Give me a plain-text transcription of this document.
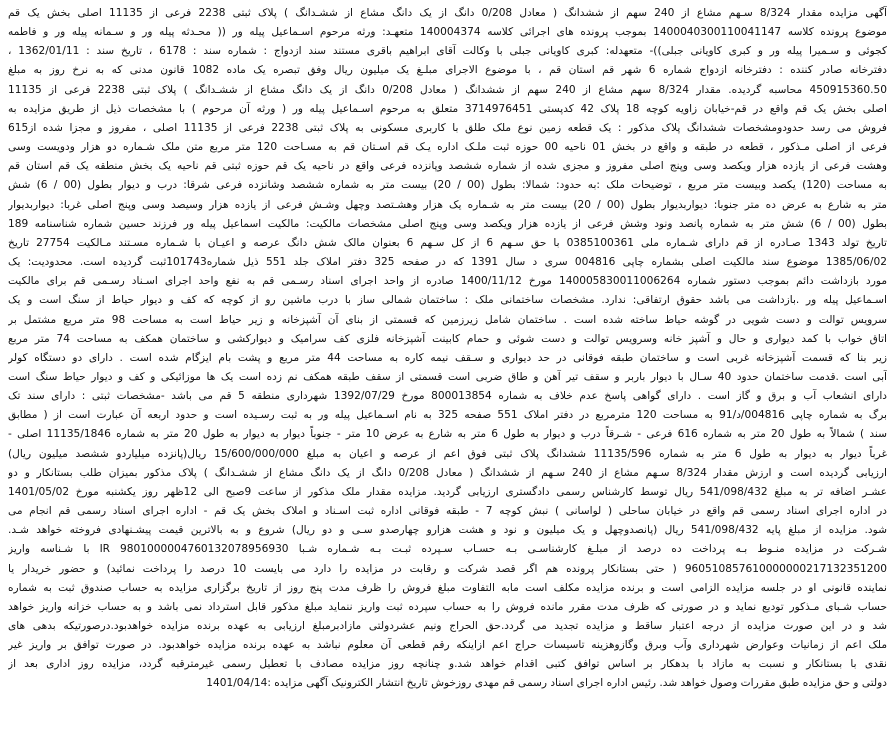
آگهی مزایده مقدار 8/324 سـهم مشاع از 240 سهم از ششدانگ ( معادل 0/208 دانگ از یک دانگ مشاع از ششـدانگ ) پلاک ثبتی 2238 فرعی از 11135 اصلی بخش یک قم
موضوع پرونده کلاسه 1400040300110041147 بموجب پرونده های اجرائی کلاسه 140004374 متعهـد: ورثه مرحوم اسـماعیل پیله ور (( محـدثه پیله ور و سـمانه پیله ور و فاطمه
کجوئی و سـمیرا پیله ور و کبری کاویانی جبلی))- متعهدله: کبری کاویانی جبلی با وکالت آقای ابراهیم باقری مستند سند ازدواج : شماره سند : 6178 ، تاریخ سند : 1362/01/11 ،
دفترخانه صادر کننده : دفترخانه ازدواج شماره 6 شهر قم استان قم ، با موضوع الاجرای مبلـغ یک میلیون ریال وفق تبصره یک ماده 1082 قانون مدنی که به نرخ روز به مبلغ
450915360.50 محاسبه گردیده. مقدار 8/324 سهم مشاع از 240 سهم از ششدانگ ( معادل 0/208 دانگ از یک دانگ مشاع از ششـدانگ ) پلاک ثبتی 2238 فرعی از 11135
اصلی بخش یک قم واقع در قم-خیابان زاویه کوچه 18 پلاک 42 کدپستی 3714976451 متعلق به مرحوم اسـماعیل پیله ور ( ورثه آن مرحوم ) با مشخصات ذیل از طریق مزایده به
فروش می رسد حدودومشخصات ششدانگ پلاک مذکور : یک قطعه زمین نوع ملک طلق با کاربری مسکونی به پلاک ثبتی 2238 فرعی از 11135 اصلی ، مفروز و مجزا شده از615
فرعی از اصلی مـذکور ، قطعه در طبقه و واقع در بخش 01 ناحیه 00 حوزه ثبت ملـک اداره یـک قم اسـتان قم به مسـاحت 120 متر مربع متن ملک شـماره دو هزار ودویست وسی
وهشت فرعی از یازده هزار ویکصد وسی وپنج اصلی مفروز و مجزی شده از شماره ششصد وپانزده فرعی واقع در ناحیه یک قم حوزه ثبتی قم ناحیه یک بخش منطقه یک قم استان قم
به مساحت (120) یکصد وبیست متر مربع ، توضیحات ملک :به حدود: شمالا: بطول (00 / 20) بیست متر به شماره ششصد وشانزده فرعی شرقا: درب و دیوار بطول (00 / 6) شش
متر به شارع به عرض ده متر جنوبا: دیواربدیوار بطول (00 / 20) بیست متر به شـماره یک هزار وهشـتصد وچهل وشـش فرعی از یازده هزار وسیصد وسی وپنج اصلی غربا: دیواربدیوار
بطول (00 / 6) شش متر به شماره پانصد ونود وشش فرعی از یازده هزار ویکصد وسی وپنج اصلی مشخصات مالکیت: مالکیت اسماعیل پیله ور فرزند حسین شماره شناسنامه 189
تاریخ تولد 1343 صـادره از قم دارای شـماره ملی 0385100361 با حق سـهم 6 از کل سـهم 6 بعنوان مالک شش دانگ عرصه و اعیـان با شـماره مسـتند مـالکیت 27754 تاریخ
1385/06/02 موضوع سند مالکیت اصلی بشماره چاپی 004816 سری د سال 1391 که در صفحه 325 دفتر املاک جلد 551 ذیل شماره101743ثبت گردیده است. محدودیت: یک
مورد بازداشت دائم بموجب دستور شماره 140005830011006264 مورخ 1400/11/12 صادره از واحد اجرای اسناد رسـمی قم به نفع واحد اجرای اسـناد رسـمی قم برای مالکیت
اسـماعیل پیله ور .بازداشت می باشد حقوق ارتفاقی: ندارد. مشخصات ساختمانی ملک : ساختمان شمالی ساز با درب ماشین رو از کوچه که کف و دیوار حیاط از سنگ است و یک
سرویس توالت و دست شویی در گوشه حیاط ساخته شده است . ساختمان شامل زیرزمین که قسمتی از بنای آن آشپزخانه و زیر حیاط است به مساحت 98 متر مربع مشتمل بر
اتاق خواب با کمد دیواری و حال و آشپز خانه وسرویس توالت و دست شوئی و حمام کابینت آشپزخانه فلزی کف سرامیک و دیوارکشی و ساختمان همکف به مساحت 74 متر مربع
زیر بنا که قسمت آشپزخانه غربی است و ساختمان طبقه فوقانی در حد دیواری و سـقف نیمه کاره به مساحت 44 متر مربع و پشت بام ایزگام شده است . دارای دو دستگاه کولر
آبی است .قدمت ساختمان حدود 40 سـال با دیوار باربر و سقف تیر آهن و طاق ضربی است قسمتی از سقف طبقه همکف نم زده است یک ها موزائیکی و کف و دیوار حیاط سنگ است
دارای انشعاب آب و برق و گاز است . دارای گواهی پاسخ عدم خلاف به شماره 800013854 مورخ 1392/07/29 شهرداری منطقه 5 قم می باشد -مشخصات ثبتی : دارای سند تک
برگ به شماره چاپی 004816/د/91 به مساحت 120 مترمربع در دفتر املاک 551 صفحه 325 به نام اسـماعیل پیله ور به ثبت رسـیده است و حدود اربعه آن عبارت است از ( مطابق
سند ) شمالاً به طول 20 متر به شماره 616 فرعی - شـرقاً درب و دیوار به طول 6 متر به شارع به عرض 10 متر - جنوباً دیوار به دیوار به طول 20 متر به شماره 11135/1846 اصلی -
غرباً دیوار به دیوار به طول 6 متر به شماره 11135/596 ششدانگ پلاک ثبتی فوق اعم از عرصه و اعیان به مبلغ 15/600/000/000 ریال(پانزده میلیاردو ششصد میلیون ریال)
ارزیابی گردیده است و ارزش مقدار 8/324 سـهم مشاع از 240 سـهم از ششدانگ ( معادل 0/208 دانگ از یک دانگ مشاع از ششـدانگ ) پلاک مذکور بمیزان طلب بستانکار و دو
عشـر اضافه تر به مبلغ 541/098/432 ریال توسط کارشناس رسمی دادگستری ارزیابی گردید. مزایده مقدار ملک مذکور از ساعت 9صبح الی 12ظهر روز یکشنبه مورخ 1401/05/02
در اداره اجرای اسناد رسمی قم واقع در خیابان ساحلی ( لواسانی ) نبش کوچه 7 - طبقه فوقانی اداره ثبت اسـناد و املاک بخش یک قم - اداره اجرای اسناد رسمی قم انجام می
شود. مزایده از مبلغ پایه 541/098/432 ریال (پانصدوچهل و یک میلیون و نود و هشت هزارو چهارصدو سـی و دو ریال) شروع و به بالاترین قیمت پیشـنهادی فروخته خواهد شـد.
شـرکت در مزایده منـوط بـه پرداخت ده درصد از مبلـغ کارشناسـی بـه حسـاب سـپرده ثبـت بـه شـماره شـبا 9801000004760132078956930 IR با شـناسه واریز
960510857610000000217132351200 ( حتی بستانکار پرونده هم اگر قصد شرکت و رقابت در مزایده را دارد می بایست 10 درصد را پرداخت نمائید) و حضور خریدار یا
نماینده قانونی او در جلسه مزایده الزامی است و برنده مزایده مکلف است مابه التفاوت مبلغ فروش را ظرف مدت پنج روز از تاریخ برگزاری مزایده به حساب صندوق ثبت به شماره
حساب شـبای مـذکور تودیع نماید و در صورتی که ظرف مدت مقرر مانده فروش را به حساب سپرده ثبت واریز ننماید مبلغ مذکور قابل استرداد نمی باشد و به حساب خزانه واریز خواهد
شد و در این صورت مزایده از درجه اعتبار ساقط و مزایده تجدید می گردد.حق الحراج ونیم عشردولتی مازادبرمبلغ ارزیابی به عهده برنده مزایده خواهدبود.درصورتیکه بدهی های
ملک اعم از زمانیات وعوارض شهرداری وآب وبرق وگازوهزینه تاسیسات حراج اعم ازاینکه رقم قطعی آن معلوم نباشد به عهده برنده مزایده خواهدبود. در صورت توافق بر واریز غیر
نقدی با بستانکار و نسبت به مازاد با بدهکار بر اساس توافق کتبی اقدام خواهد شد.و چنانچه روز مزایده مصادف با تعطیل رسمی غیرمترقبه گردد، مزایده روز اداری بعد از
دولتی و حق مزایده طبق مقررات وصول خواهد شد. رئیس اداره اجرای اسناد رسمی قم مهدی روزخوش تاریخ انتشار الکترونیک آگهی مزایده :1401/04/14
